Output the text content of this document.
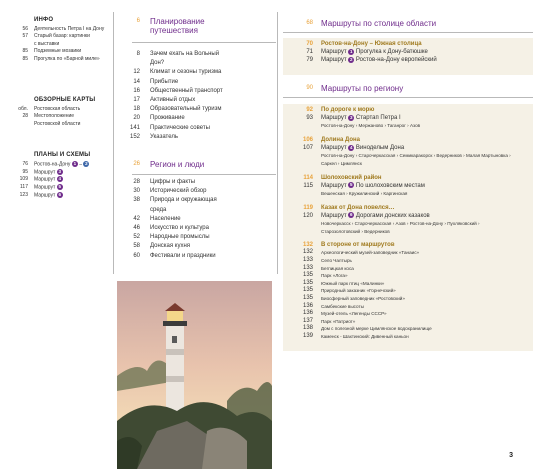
ИНФО
56	Деятельность Петра I на Дону
57	Старый базар: картинки
с выставки
85	Подземные мозаики
85	Прогулка по «Барной миле»
ОБЗОРНЫЕ КАРТЫ
обл.	Ростовская область
28	Местоположение
Ростовской области
ПЛАНЫ И СХЕМЫ
76	Ростов-на-Дону 1 – 2
95	Маршрут 3
109	Маршрут 4
117	Маршрут 5
123	Маршрут 6
6	Планирование
путешествия
8	Зачем ехать на Вольный
Дон?
12	Климат и сезоны туризма
14	Прибытие
16	Общественный транспорт
17	Активный отдых
18	Образовательный туризм
20	Проживание
141	Практические советы
152	Указатель
26	Регион и люди
28	Цифры и факты
30	Исторический обзор
38	Природа и окружающая
среда
42	Население
46	Искусство и культура
52	Народные промыслы
58	Донская кухня
60	Фестивали и праздники
68	Маршруты по столице области
70	Ростов-на-Дону – Южная столица
71	Маршрут 1 Прогулка к Дону-батюшке
79	Маршрут 2 Ростов-на-Дону европейский
90	Маршруты по региону
92	По дороге к морю
93	Маршрут 3 Стартап Петра I
Ростов-на-Дону › Мержаново › Таганрог › Азов
106	Долина Дона
107	Маршрут 4 Виноделым Дона
Ростов-на-Дону › Старочеркасская › Семикаракорск › Ведерников › Малая Мартыновка ›
Саркел › Цимлянск
114	Шолоховский район
115	Маршрут 5 По шолоховским местам
Вешенская › Кружилинский › Каргинская
119	Казак от Дона повелся…
120	Маршрут 6 Дорогами донских казаков
Новочеркасск › Старочеркасская › Азов › Ростов-на-Дону › Пухляковский ›
Старозолотовский › Ведерников
132	В стороне от маршрутов
132	Археологический музей-заповедник «Танаис»
133	Село Чалтырь
133	Бегпицкая коса
135	Парк «Лога»
135	Южный парк птиц «Малинки»
135	Природный заказник «Горнечский»
135	Биосферный заповедник «Ростовский»
136	Самбекские высоты
136	Музей-отель «Легенды СССР»
137	Парк «Патриот»
138	Дом с полезной мерке Цимлянское водохранилище
139	Каменск - Шахтинский: Дивенный каньон
3
